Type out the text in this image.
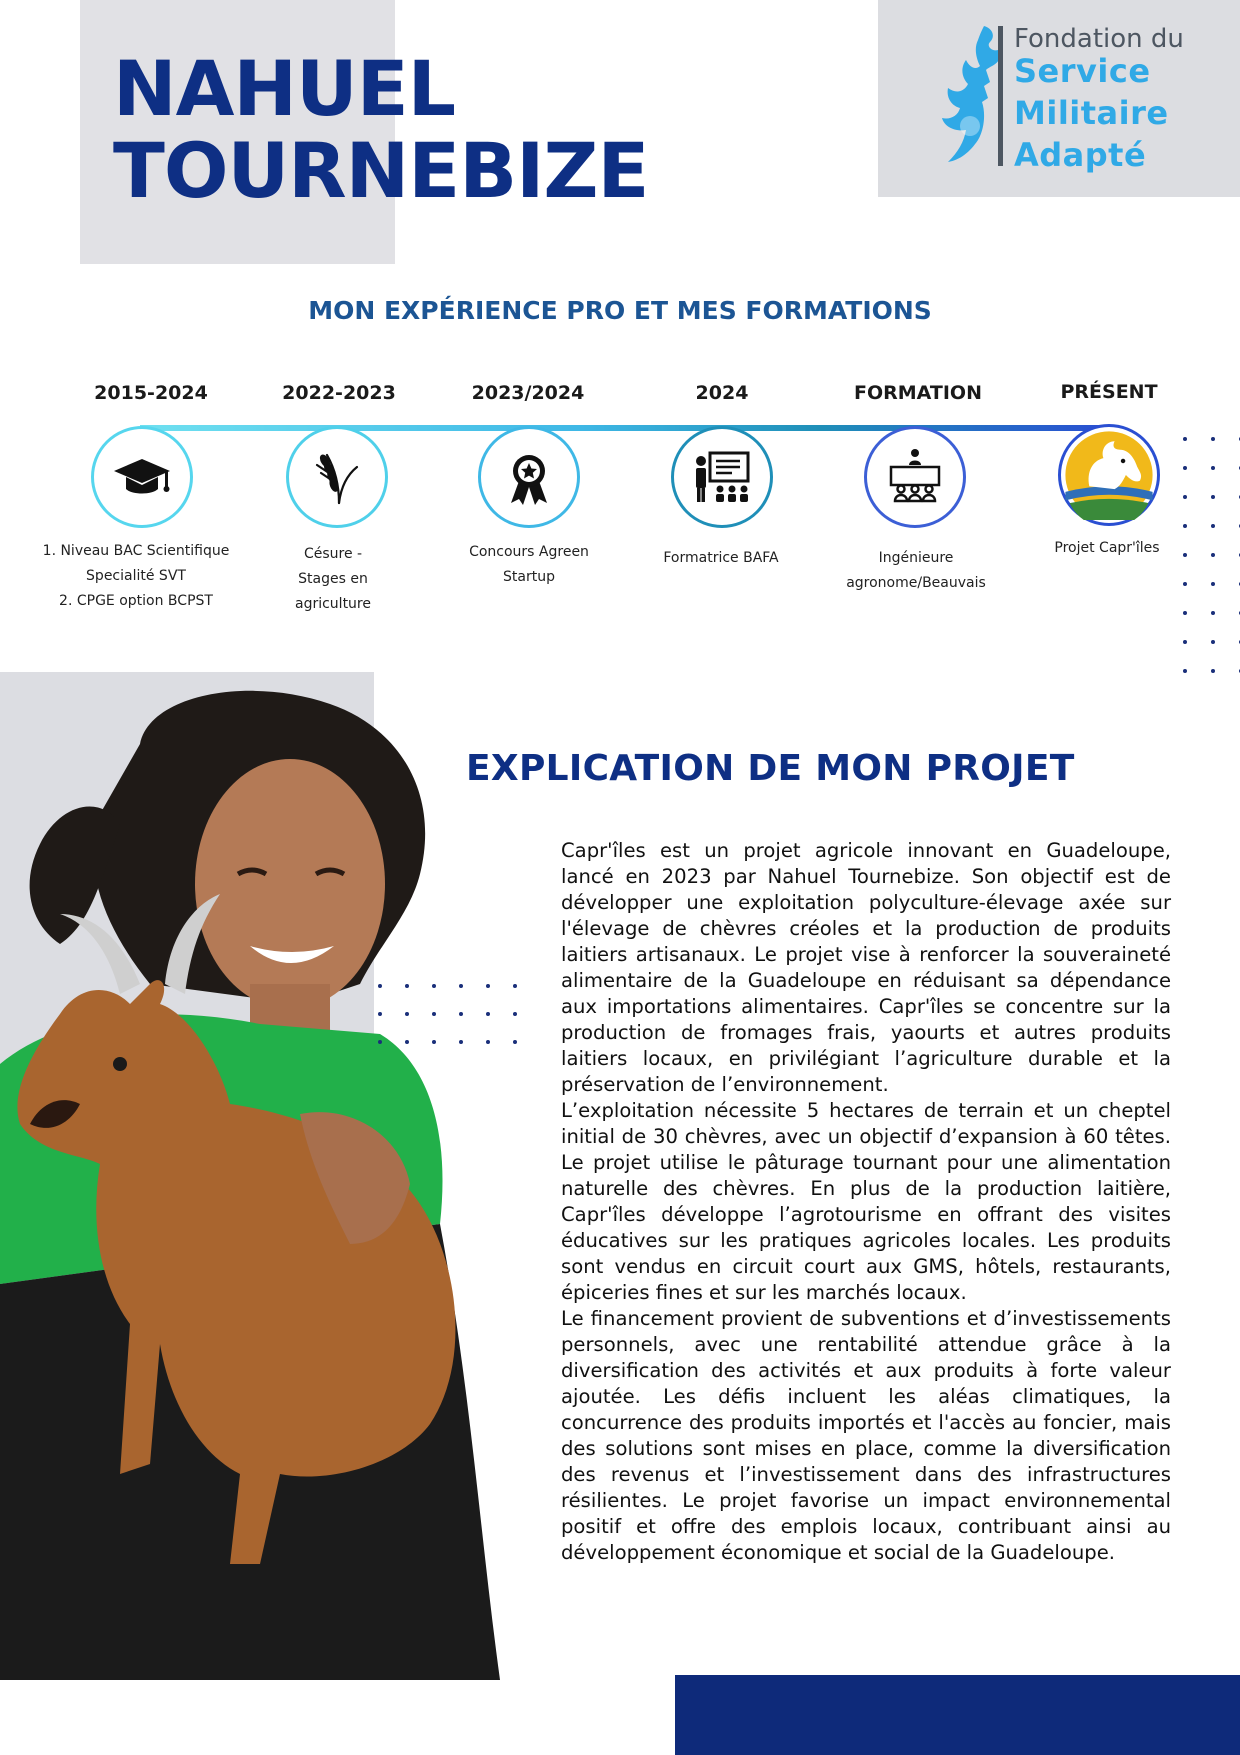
NAHUEL
TOURNEBIZE
Fondation du
Service
Militaire
Adapté
MON EXPÉRIENCE PRO ET MES FORMATIONS
2015-2024
1. Niveau BAC Scientifique
Specialité SVT
2. CPGE option BCPST
2022-2023
Césure -
Stages en
agriculture
2023/2024
Concours Agreen
Startup
2024
Formatrice BAFA
FORMATION
Ingénieure
agronome/Beauvais
PRÉSENT
Projet Capr'îles
EXPLICATION DE MON PROJET

Capr'îles est un projet agricole innovant en Guadeloupe, lancé en 2023 par Nahuel Tournebize. Son objectif est de développer une exploitation polyculture-élevage axée sur l'élevage de chèvres créoles et la production de produits laitiers artisanaux. Le projet vise à renforcer la souveraineté alimentaire de la Guadeloupe en réduisant sa dépendance aux importations alimentaires. Capr'îles se concentre sur la production de fromages frais, yaourts et autres produits laitiers locaux, en privilégiant l’agriculture durable et la préservation de l’environnement.

L’exploitation nécessite 5 hectares de terrain et un cheptel initial de 30 chèvres, avec un objectif d’expansion à 60 têtes. Le projet utilise le pâturage tournant pour une alimentation naturelle des chèvres. En plus de la production laitière, Capr'îles développe l’agrotourisme en offrant des visites éducatives sur les pratiques agricoles locales. Les produits sont vendus en circuit court aux GMS, hôtels, restaurants, épiceries fines et sur les marchés locaux.

Le financement provient de subventions et d’investissements personnels, avec une rentabilité attendue grâce à la diversification des activités et aux produits à forte valeur ajoutée. Les défis incluent les aléas climatiques, la concurrence des produits importés et l'accès au foncier, mais des solutions sont mises en place, comme la diversification des revenus et l’investissement dans des infrastructures résilientes. Le projet favorise un impact environnemental positif et offre des emplois locaux, contribuant ainsi au développement économique et social de la Guadeloupe.
